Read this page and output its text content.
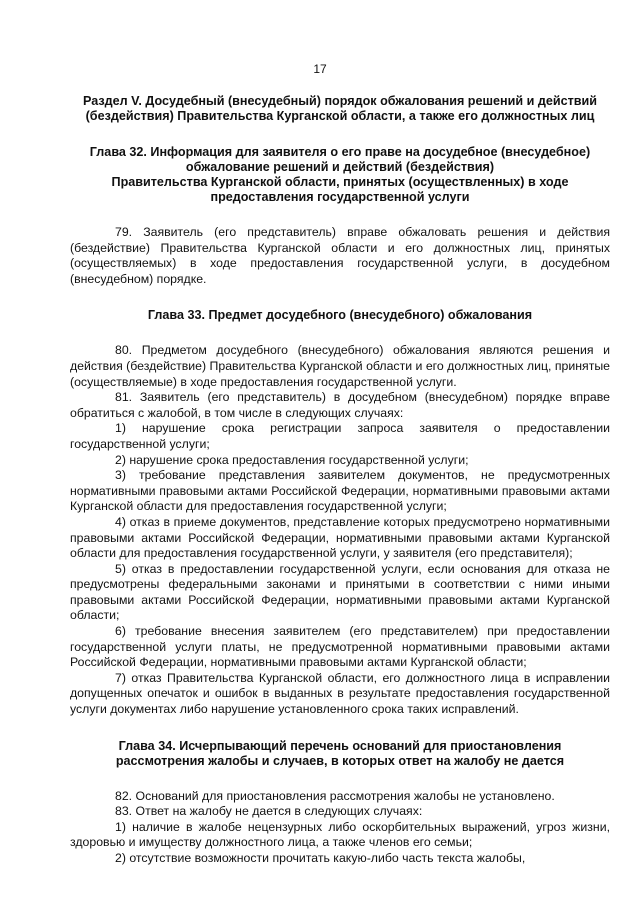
17
Раздел V. Досудебный (внесудебный) порядок обжалования решений и действий
(бездействия) Правительства Курганской области, а также его должностных лиц
Глава 32. Информация для заявителя о его праве на досудебное (внесудебное)
обжалование решений и действий (бездействия)
Правительства Курганской области, принятых (осуществленных) в ходе
предоставления государственной услуги

79. Заявитель (его представитель) вправе обжаловать решения и действия (бездействие) Правительства Курганской области и его должностных лиц, принятых (осуществляемых) в ходе предоставления государственной услуги, в досудебном (внесудебном) порядке.

Глава 33. Предмет досудебного (внесудебного) обжалования

80. Предметом досудебного (внесудебного) обжалования являются решения и действия (бездействие) Правительства Курганской области и его должностных лиц, принятые (осуществляемые) в ходе предоставления государственной услуги.

81. Заявитель (его представитель) в досудебном (внесудебном) порядке вправе обратиться с жалобой, в том числе в следующих случаях:

1) нарушение срока регистрации запроса заявителя о предоставлении государственной услуги;

2) нарушение срока предоставления государственной услуги;

3) требование представления заявителем документов, не предусмотренных нормативными правовыми актами Российской Федерации, нормативными правовыми актами Курганской области для предоставления государственной услуги;

4) отказ в приеме документов, представление которых предусмотрено нормативными правовыми актами Российской Федерации, нормативными правовыми актами Курганской области для предоставления государственной услуги, у заявителя (его представителя);

5) отказ в предоставлении государственной услуги, если основания для отказа не предусмотрены федеральными законами и принятыми в соответствии с ними иными правовыми актами Российской Федерации, нормативными правовыми актами Курганской области;

6) требование внесения заявителем (его представителем) при предоставлении государственной услуги платы, не предусмотренной нормативными правовыми актами Российской Федерации, нормативными правовыми актами Курганской области;

7) отказ Правительства Курганской области, его должностного лица в исправлении допущенных опечаток и ошибок в выданных в результате предоставления государственной услуги документах либо нарушение установленного срока таких исправлений.

Глава 34. Исчерпывающий перечень оснований для приостановления
рассмотрения жалобы и случаев, в которых ответ на жалобу не дается

82. Оснований для приостановления рассмотрения жалобы не установлено.

83. Ответ на жалобу не дается в следующих случаях:

1) наличие в жалобе нецензурных либо оскорбительных выражений, угроз жизни, здоровью и имуществу должностного лица, а также членов его семьи;

2) отсутствие возможности прочитать какую-либо часть текста жалобы,
